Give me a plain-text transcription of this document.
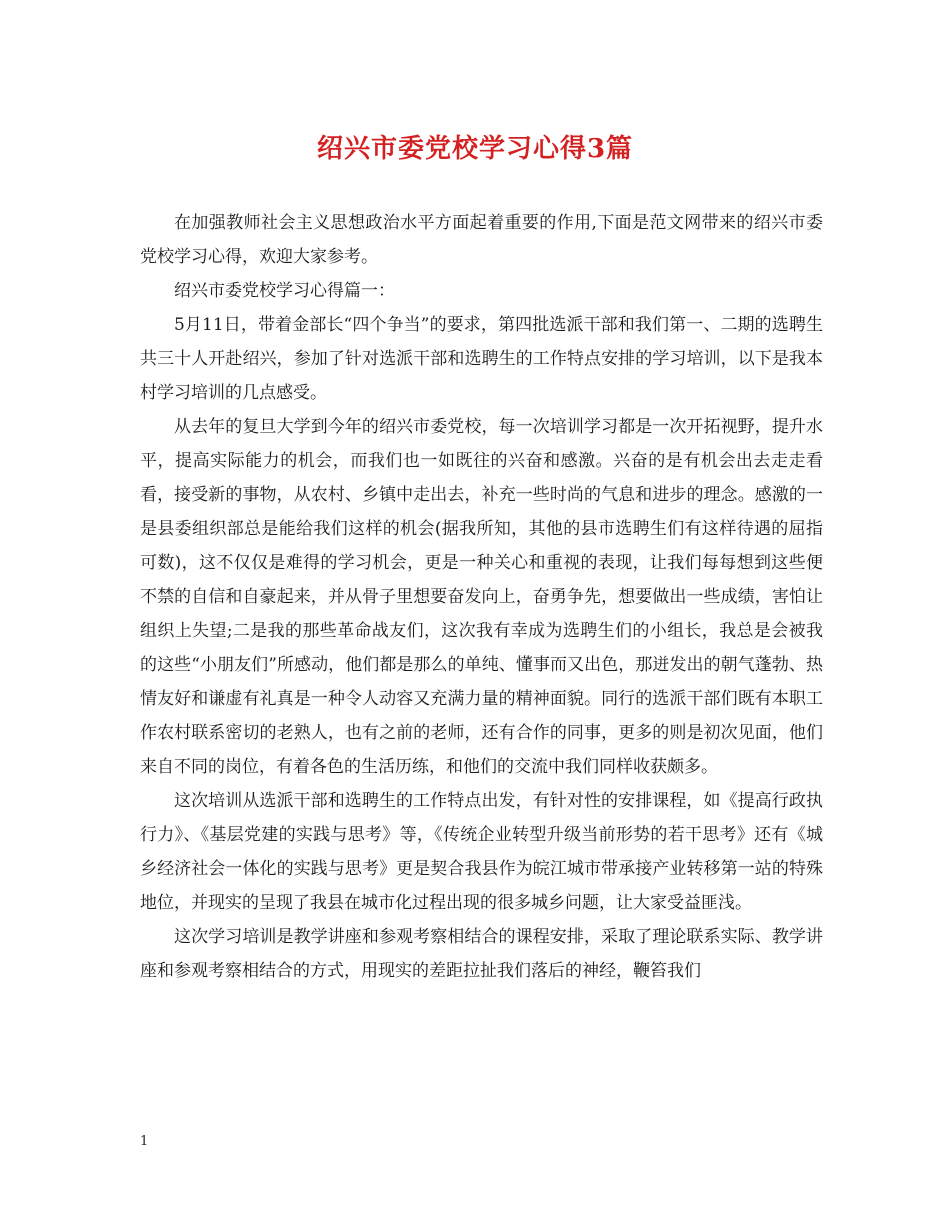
绍兴市委党校学习心得3篇

在加强教师社会主义思想政治水平方面起着重要的作用,下面是范文网带来的绍兴市委党校学习心得，欢迎大家参考。

绍兴市委党校学习心得篇一：

5月11日，带着金部长“四个争当”的要求，第四批选派干部和我们第一、二期的选聘生共三十人开赴绍兴，参加了针对选派干部和选聘生的工作特点安排的学习培训，以下是我本村学习培训的几点感受。

从去年的复旦大学到今年的绍兴市委党校，每一次培训学习都是一次开拓视野，提升水平，提高实际能力的机会，而我们也一如既往的兴奋和感激。兴奋的是有机会出去走走看看，接受新的事物，从农村、乡镇中走出去，补充一些时尚的气息和进步的理念。感激的一是县委组织部总是能给我们这样的机会(据我所知，其他的县市选聘生们有这样待遇的屈指可数)，这不仅仅是难得的学习机会，更是一种关心和重视的表现，让我们每每想到这些便不禁的自信和自豪起来，并从骨子里想要奋发向上，奋勇争先，想要做出一些成绩，害怕让组织上失望;二是我的那些革命战友们，这次我有幸成为选聘生们的小组长，我总是会被我的这些“小朋友们”所感动，他们都是那么的单纯、懂事而又出色，那迸发出的朝气蓬勃、热情友好和谦虚有礼真是一种令人动容又充满力量的精神面貌。同行的选派干部们既有本职工作农村联系密切的老熟人，也有之前的老师，还有合作的同事，更多的则是初次见面，他们来自不同的岗位，有着各色的生活历练，和他们的交流中我们同样收获颇多。

这次培训从选派干部和选聘生的工作特点出发，有针对性的安排课程，如《提高行政执行力》、《基层党建的实践与思考》等，《传统企业转型升级当前形势的若干思考》还有《城乡经济社会一体化的实践与思考》更是契合我县作为皖江城市带承接产业转移第一站的特殊地位，并现实的呈现了我县在城市化过程出现的很多城乡问题，让大家受益匪浅。

这次学习培训是教学讲座和参观考察相结合的课程安排，采取了理论联系实际、教学讲座和参观考察相结合的方式，用现实的差距拉扯我们落后的神经，鞭笞我们

1
